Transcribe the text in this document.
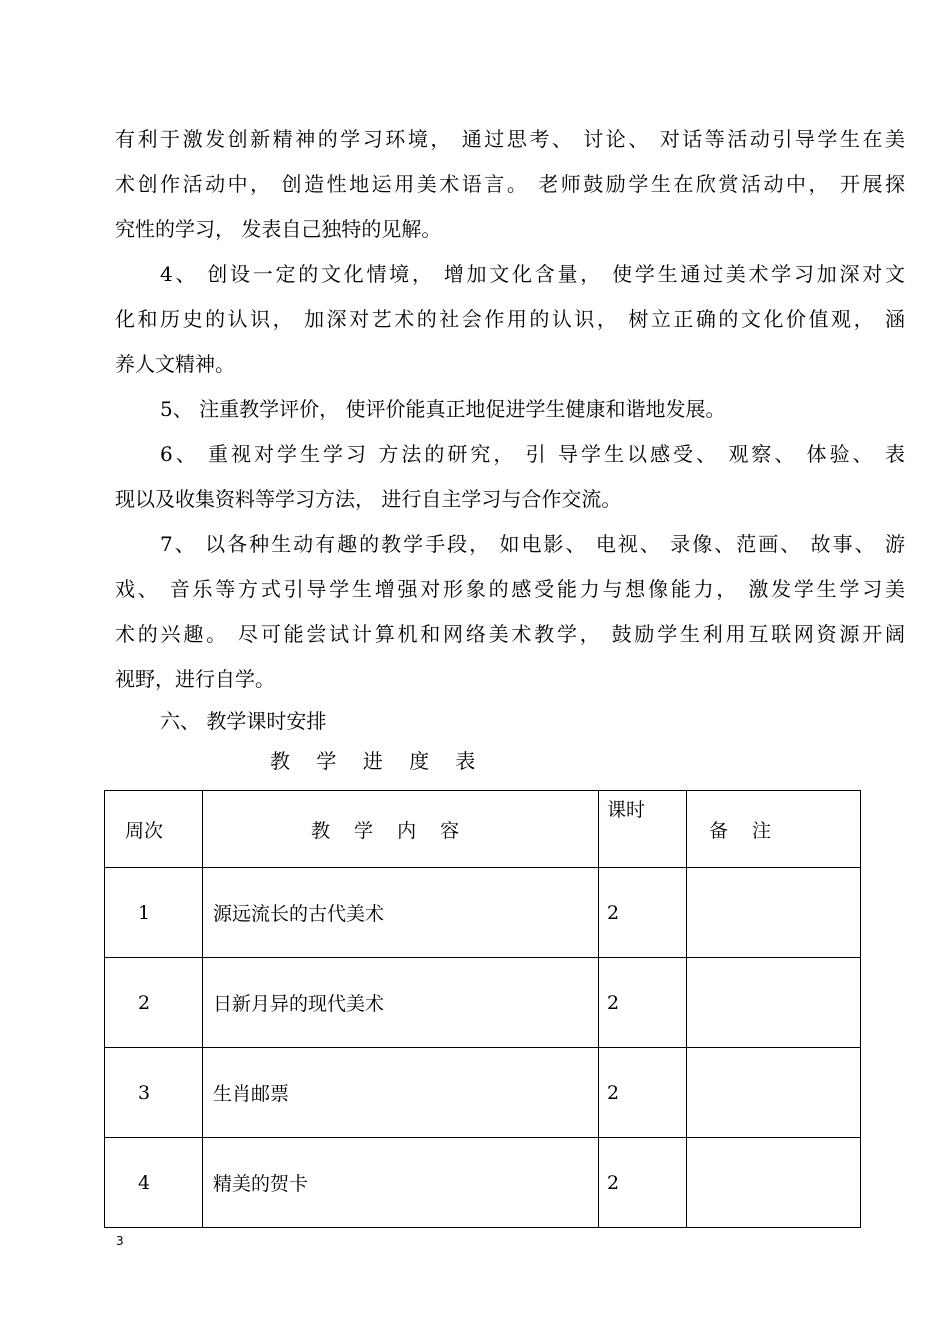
有利于激发创新精神的学习环境， 通过思考、 讨论、 对话等活动引导学生在美
术创作活动中， 创造性地运用美术语言。 老师鼓励学生在欣赏活动中， 开展探
究性的学习， 发表自己独特的见解。
4、 创设一定的文化情境， 增加文化含量， 使学生通过美术学习加深对文
化和历史的认识， 加深对艺术的社会作用的认识， 树立正确的文化价值观， 涵
养人文精神。
5、 注重教学评价， 使评价能真正地促进学生健康和谐地发展。
6、 重视对学生学习 方法的研究， 引 导学生以感受、 观察、 体验、 表
现以及收集资料等学习方法， 进行自主学习与合作交流。
7、 以各种生动有趣的教学手段， 如电影、 电视、 录像、范画、 故事、 游
戏、 音乐等方式引导学生增强对形象的感受能力与想像能力， 激发学生学习美
术的兴趣。 尽可能尝试计算机和网络美术教学， 鼓励学生利用互联网资源开阔
视野，进行自学。
六、 教学课时安排
教 学 进 度 表
周次	教 学 内 容	课时	备 注
1	源远流长的古代美术	2	
2	日新月异的现代美术	2	
3	生肖邮票	2	
4	精美的贺卡	2	
3
